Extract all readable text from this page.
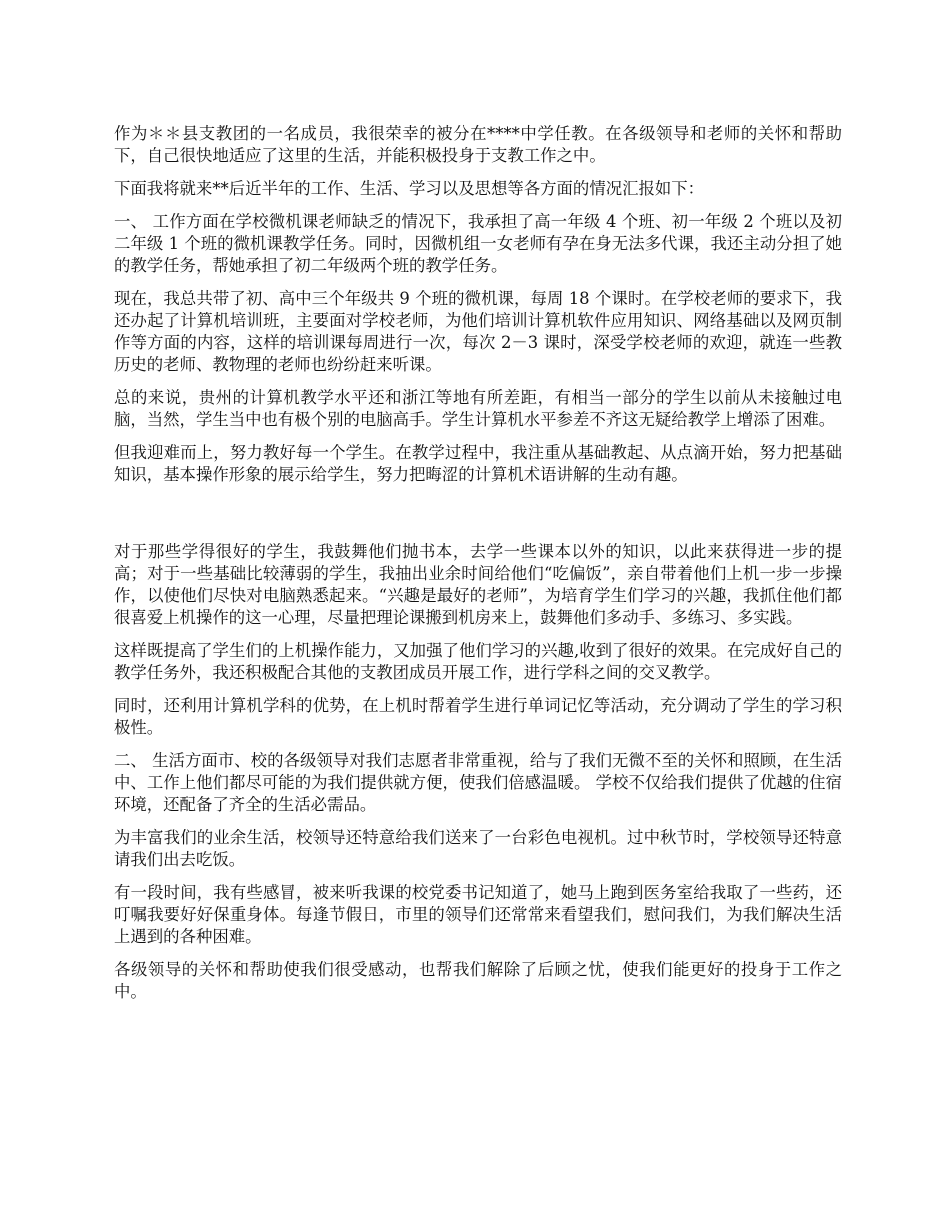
作为＊＊县支教团的一名成员，我很荣幸的被分在****中学任教。在各级领导和老师的关怀和帮助下，自己很快地适应了这里的生活，并能积极投身于支教工作之中。

下面我将就来**后近半年的工作、生活、学习以及思想等各方面的情况汇报如下：

一、 工作方面在学校微机课老师缺乏的情况下，我承担了高一年级 4 个班、初一年级 2 个班以及初二年级 1 个班的微机课教学任务。同时，因微机组一女老师有孕在身无法多代课，我还主动分担了她的教学任务，帮她承担了初二年级两个班的教学任务。

现在，我总共带了初、高中三个年级共 9 个班的微机课，每周 18 个课时。在学校老师的要求下，我还办起了计算机培训班，主要面对学校老师，为他们培训计算机软件应用知识、网络基础以及网页制作等方面的内容，这样的培训课每周进行一次，每次 2－3 课时，深受学校老师的欢迎，就连一些教历史的老师、教物理的老师也纷纷赶来听课。

总的来说，贵州的计算机教学水平还和浙江等地有所差距，有相当一部分的学生以前从未接触过电脑，当然，学生当中也有极个别的电脑高手。学生计算机水平参差不齐这无疑给教学上增添了困难。

但我迎难而上，努力教好每一个学生。在教学过程中，我注重从基础教起、从点滴开始，努力把基础知识，基本操作形象的展示给学生，努力把晦涩的计算机术语讲解的生动有趣。

对于那些学得很好的学生，我鼓舞他们抛书本，去学一些课本以外的知识，以此来获得进一步的提高；对于一些基础比较薄弱的学生，我抽出业余时间给他们“吃偏饭”，亲自带着他们上机一步一步操作，以使他们尽快对电脑熟悉起来。“兴趣是最好的老师”，为培育学生们学习的兴趣，我抓住他们都很喜爱上机操作的这一心理，尽量把理论课搬到机房来上，鼓舞他们多动手、多练习、多实践。

这样既提高了学生们的上机操作能力，又加强了他们学习的兴趣,收到了很好的效果。在完成好自己的教学任务外，我还积极配合其他的支教团成员开展工作，进行学科之间的交叉教学。

同时，还利用计算机学科的优势，在上机时帮着学生进行单词记忆等活动，充分调动了学生的学习积极性。

二、 生活方面市、校的各级领导对我们志愿者非常重视，给与了我们无微不至的关怀和照顾，在生活中、工作上他们都尽可能的为我们提供就方便，使我们倍感温暖。 学校不仅给我们提供了优越的住宿环境，还配备了齐全的生活必需品。

为丰富我们的业余生活，校领导还特意给我们送来了一台彩色电视机。过中秋节时，学校领导还特意请我们出去吃饭。

有一段时间，我有些感冒，被来听我课的校党委书记知道了，她马上跑到医务室给我取了一些药，还叮嘱我要好好保重身体。每逢节假日，市里的领导们还常常来看望我们，慰问我们，为我们解决生活上遇到的各种困难。

各级领导的关怀和帮助使我们很受感动，也帮我们解除了后顾之忧，使我们能更好的投身于工作之中。
